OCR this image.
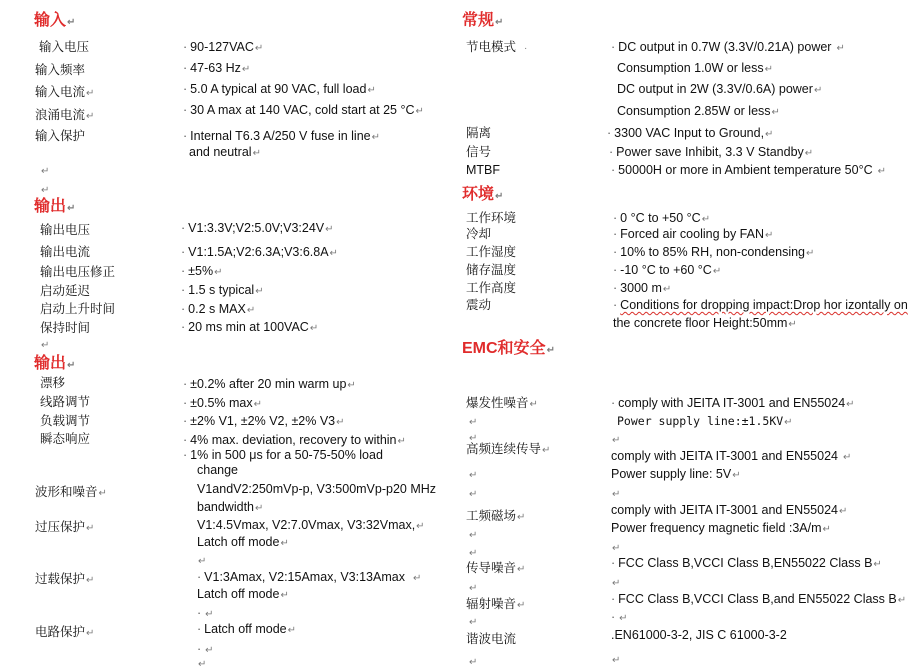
输入↵
输入电压	· 90-127VAC↵
输入频率	· 47-63 Hz↵
输入电流↵	· 5.0 A typical at 90 VAC, full load↵
浪涌电流↵	· 30 A max at 140 VAC, cold start at 25 °C↵
输入保护	· Internal T6.3 A/250 V fuse in line↵
and neutral↵
↵
↵
输出↵
输出电压	· V1:3.3V;V2:5.0V;V3:24V↵
输出电流	· V1:1.5A;V2:6.3A;V3:6.8A↵
输出电压修正	· ±5%↵
启动延迟	· 1.5 s typical↵
启动上升时间	· 0.2 s MAX↵
保持时间	· 20 ms min at 100VAC↵
↵
输出↵
漂移	· ±0.2% after 20 min warm up↵
线路调节	· ±0.5% max↵
负载调节	· ±2% V1, ±2% V2, ±2% V3↵
瞬态响应	· 4% max. deviation, recovery to within↵
· 1% in 500 μs for a 50-75-50% load
change
波形和噪音↵	V1andV2:250mVp-p, V3:500mVp-p20 MHz
bandwidth↵
过压保护↵	V1:4.5Vmax, V2:7.0Vmax, V3:32Vmax,↵
Latch off mode↵
↵
过载保护↵	· V1:3Amax, V2:15Amax, V3:13Amax ↵
Latch off mode↵
· ↵
电路保护↵	· Latch off mode↵
· ↵
↵
常规↵
节电模式 ·	· DC output in 0.7W (3.3V/0.21A) power ↵
Consumption 1.0W or less↵
DC output in 2W (3.3V/0.6A) power↵
Consumption 2.85W or less↵
隔离	· 3300 VAC Input to Ground,↵
信号	· Power save Inhibit, 3.3 V Standby↵
MTBF	· 50000H or more in Ambient temperature 50°C ↵
环境↵
工作环境	· 0 °C to +50 °C↵
冷却	· Forced air cooling by FAN↵
工作湿度	· 10% to 85% RH, non-condensing↵
储存温度	· -10 °C to +60 °C↵
工作高度	· 3000 m↵
震动	· Conditions for dropping impact:Drop hor izontally on
the concrete floor Height:50mm↵
EMC和安全↵
爆发性噪音↵	· comply with JEITA IT-3001 and EN55024↵
Power supply line:±1.5KV↵
↵
↵	↵
高频连续传导↵	comply with JEITA IT-3001 and EN55024 ↵
Power supply line: 5V↵
↵
↵	↵
工频磁场↵
comply with JEITA IT-3001 and EN55024↵
Power frequency magnetic field :3A/m↵
↵
↵	↵
传导噪音↵	· FCC Class B,VCCI Class B,EN55022 Class B↵
↵	↵
辐射噪音↵	· FCC Class B,VCCI Class B,and EN55022 Class B↵
↵	· ↵
谐波电流	.EN61000-3-2, JIS C 61000-3-2
↵	↵
